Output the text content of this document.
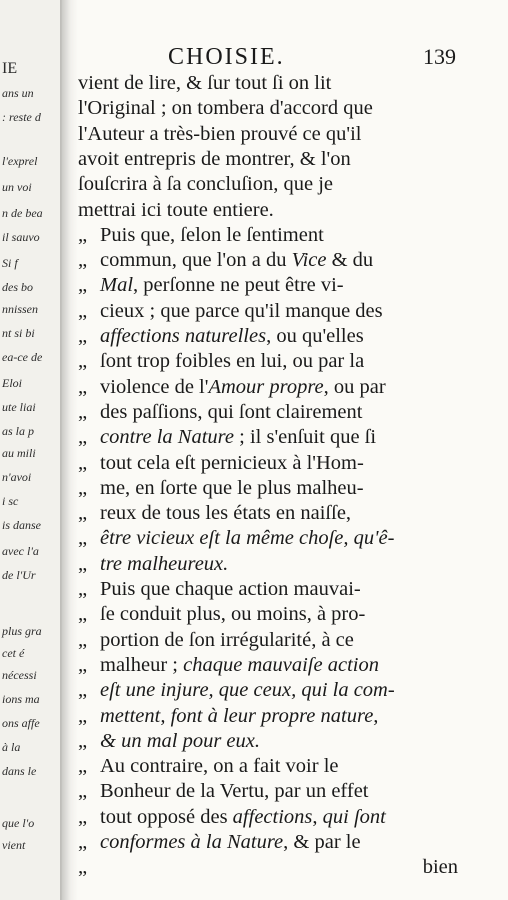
IE
ans un
: reste d
l'exprel
un voi
n de bea
il sauvo
Si f
des bo
nnissen
nt si bi
ea-ce de
Eloi
ute liai
as la p
au mili
n'avoi
i sc
is danse
avec l'a
de l'Ur
plus gra
cet é
nécessi
ions ma
ons affe
à la
dans le
que l'o
vient
CHOISIE.	139
vient de lire, & ſur tout ſi on lit
l'Original ; on tombera d'accord que
l'Auteur a très-bien prouvé ce qu'il
avoit entrepris de montrer, & l'on
ſouſcrira à ſa concluſion, que je
mettrai ici toute entiere.
„ Puis que, ſelon le ſentiment
„ commun, que l'on a du Vice & du
„ Mal, perſonne ne peut être vi-
„ cieux ; que parce qu'il manque des
„ affections naturelles, ou qu'elles
„ ſont trop foibles en lui, ou par la
„ violence de l'Amour propre, ou par
„ des paſſions, qui ſont clairement
„ contre la Nature ; il s'enſuit que ſi
„ tout cela eſt pernicieux à l'Hom-
„ me, en ſorte que le plus malheu-
„ reux de tous les états en naiſſe,
„ être vicieux eſt la même choſe, qu'ê-
„ tre malheureux.
„ Puis que chaque action mauvai-
„ ſe conduit plus, ou moins, à pro-
„ portion de ſon irrégularité, à ce
„ malheur ; chaque mauvaiſe action
„ eſt une injure, que ceux, qui la com-
„ mettent, font à leur propre nature,
„ & un mal pour eux.
„ Au contraire, on a fait voir le
„ Bonheur de la Vertu, par un effet
„ tout opposé des affections, qui ſont
„ conformes à la Nature, & par le
„	bien
